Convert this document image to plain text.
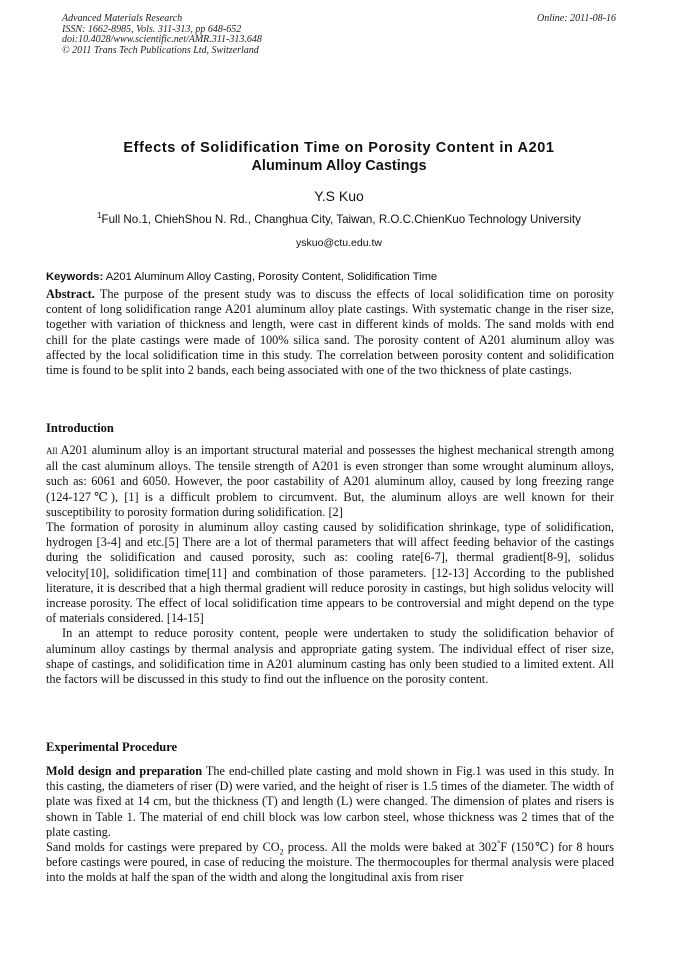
Advanced Materials Research
ISSN: 1662-8985, Vols. 311-313, pp 648-652
doi:10.4028/www.scientific.net/AMR.311-313.648
© 2011 Trans Tech Publications Ltd, Switzerland
Online: 2011-08-16
Effects of Solidification Time on Porosity Content in A201
Aluminum Alloy Castings
Y.S Kuo
$^1$Full No.1, ChiehShou N. Rd., Changhua City, Taiwan, R.O.C.ChienKuo Technology University
yskuo@ctu.edu.tw
Keywords: A201 Aluminum Alloy Casting, Porosity Content, Solidification Time

Abstract. The purpose of the present study was to discuss the effects of local solidification time on porosity content of long solidification range A201 aluminum alloy plate castings. With systematic change in the riser size, together with variation of thickness and length, were cast in different kinds of molds. The sand molds with end chill for the plate castings were made of 100% silica sand. The porosity content of A201 aluminum alloy was affected by the local solidification time in this study. The correlation between porosity content and solidification time is found to be split into 2 bands, each being associated with one of the two thickness of plate castings.

Introduction

All A201 aluminum alloy is an important structural material and possesses the highest mechanical strength among all the cast aluminum alloys. The tensile strength of A201 is even stronger than some wrought aluminum alloys, such as: 6061 and 6050. However, the poor castability of A201 aluminum alloy, caused by long freezing range (124-127℃), [1] is a difficult problem to circumvent. But, the aluminum alloys are well known for their susceptibility to porosity formation during solidification. [2]

The formation of porosity in aluminum alloy casting caused by solidification shrinkage, type of solidification, hydrogen [3-4] and etc.[5] There are a lot of thermal parameters that will affect feeding behavior of the castings during the solidification and caused porosity, such as: cooling rate[6-7], thermal gradient[8-9], solidus velocity[10], solidification time[11] and combination of those parameters. [12-13] According to the published literature, it is described that a high thermal gradient will reduce porosity in castings, but high solidus velocity will increase porosity. The effect of local solidification time appears to be controversial and might depend on the type of materials considered. [14-15]

In an attempt to reduce porosity content, people were undertaken to study the solidification behavior of aluminum alloy castings by thermal analysis and appropriate gating system. The individual effect of riser size, shape of castings, and solidification time in A201 aluminum casting has only been studied to a limited extent. All the factors will be discussed in this study to find out the influence on the porosity content.

Experimental Procedure

Mold design and preparation The end-chilled plate casting and mold shown in Fig.1 was used in this study. In this casting, the diameters of riser (D) were varied, and the height of riser is 1.5 times of the diameter. The width of plate was fixed at 14 cm, but the thickness (T) and length (L) were changed. The dimension of plates and risers is shown in Table 1. The material of end chill block was low carbon steel, whose thickness was 2 times that of the plate casting.

Sand molds for castings were prepared by $CO_2$ process. All the molds were baked at 302°F (150℃) for 8 hours before castings were poured, in case of reducing the moisture. The thermocouples for thermal analysis were placed into the molds at half the span of the width and along the longitudinal axis from riser
